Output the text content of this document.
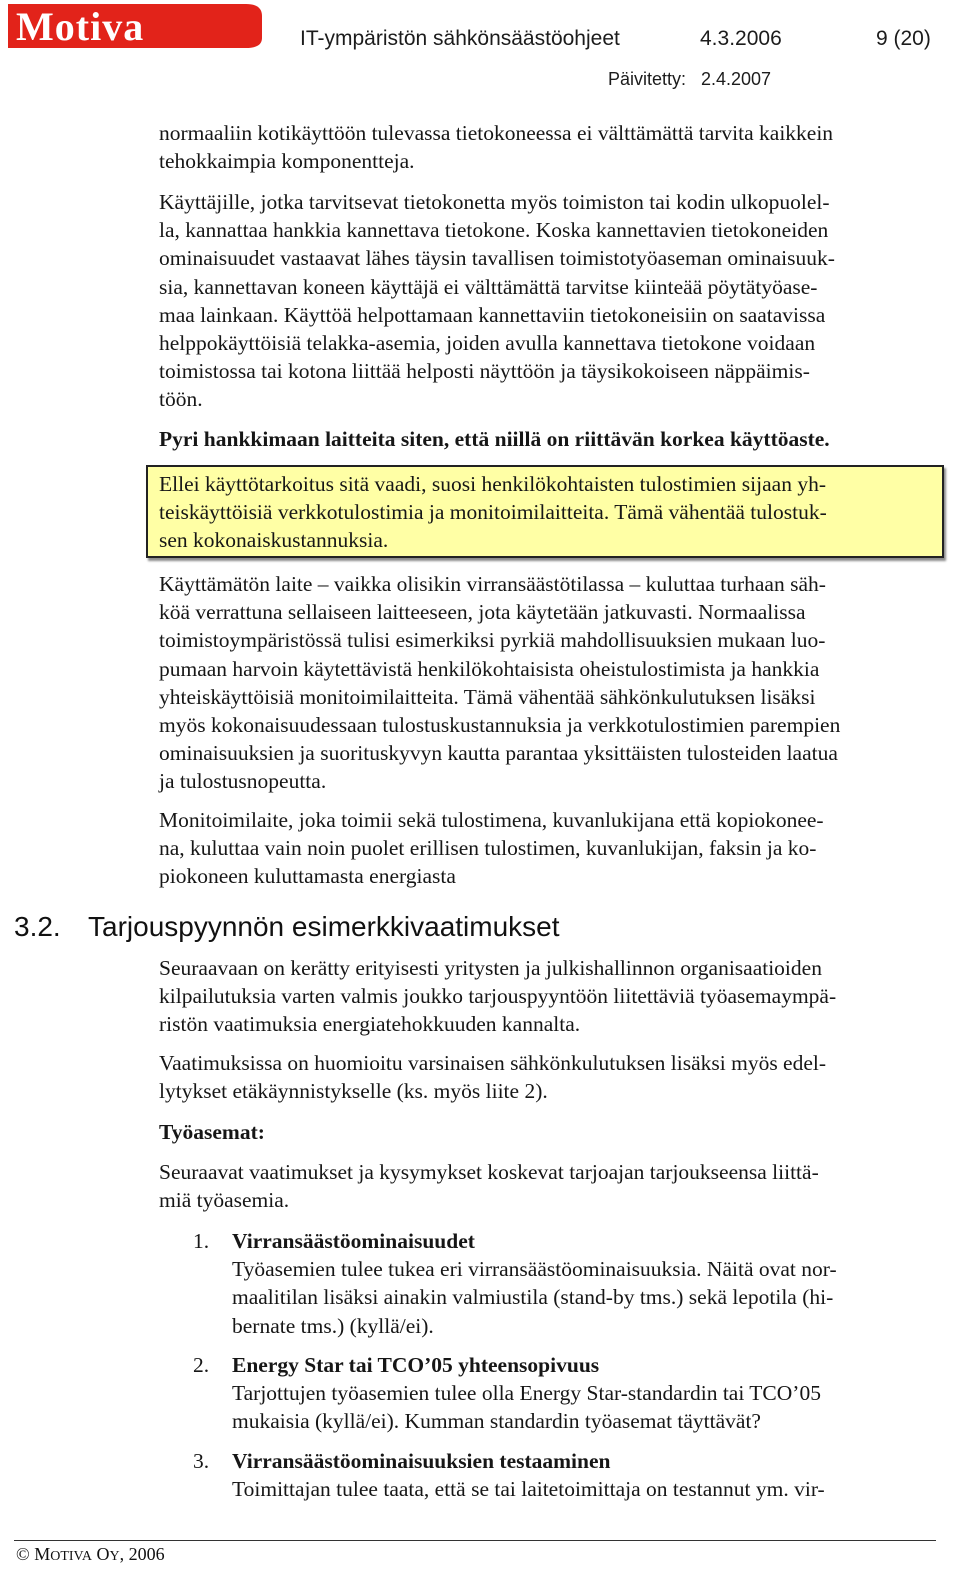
Motiva	IT-ympäristön sähkönsäästöohjeet	4.3.2006	9 (20)
Päivitetty: 2.4.2007
normaaliin kotikäyttöön tulevassa tietokoneessa ei välttämättä tarvita kaikkein
tehokkaimpia komponentteja.
Käyttäjille, jotka tarvitsevat tietokonetta myös toimiston tai kodin ulkopuolel-
la, kannattaa hankkia kannettava tietokone. Koska kannettavien tietokoneiden
ominaisuudet vastaavat lähes täysin tavallisen toimistotyöaseman ominaisuuk-
sia, kannettavan koneen käyttäjä ei välttämättä tarvitse kiinteää pöytätyöase-
maa lainkaan. Käyttöä helpottamaan kannettaviin tietokoneisiin on saatavissa
helppokäyttöisiä telakka-asemia, joiden avulla kannettava tietokone voidaan
toimistossa tai kotona liittää helposti näyttöön ja täysikokoiseen näppäimis-
töön.
Pyri hankkimaan laitteita siten, että niillä on riittävän korkea käyttöaste.
Ellei käyttötarkoitus sitä vaadi, suosi henkilökohtaisten tulostimien sijaan yh-
teiskäyttöisiä verkkotulostimia ja monitoimilaitteita. Tämä vähentää tulostuk-
sen kokonaiskustannuksia.
Käyttämätön laite – vaikka olisikin virransäästötilassa – kuluttaa turhaan säh-
köä verrattuna sellaiseen laitteeseen, jota käytetään jatkuvasti. Normaalissa
toimistoympäristössä tulisi esimerkiksi pyrkiä mahdollisuuksien mukaan luo-
pumaan harvoin käytettävistä henkilökohtaisista oheistulostimista ja hankkia
yhteiskäyttöisiä monitoimilaitteita. Tämä vähentää sähkönkulutuksen lisäksi
myös kokonaisuudessaan tulostuskustannuksia ja verkkotulostimien parempien
ominaisuuksien ja suorituskyvyn kautta parantaa yksittäisten tulosteiden laatua
ja tulostusnopeutta.
Monitoimilaite, joka toimii sekä tulostimena, kuvanlukijana että kopiokonee-
na, kuluttaa vain noin puolet erillisen tulostimen, kuvanlukijan, faksin ja ko-
piokoneen kuluttamasta energiasta
3.2. Tarjouspyynnön esimerkkivaatimukset
Seuraavaan on kerätty erityisesti yritysten ja julkishallinnon organisaatioiden
kilpailutuksia varten valmis joukko tarjouspyyntöön liitettäviä työasemaympä-
ristön vaatimuksia energiatehokkuuden kannalta.
Vaatimuksissa on huomioitu varsinaisen sähkönkulutuksen lisäksi myös edel-
lytykset etäkäynnistykselle (ks. myös liite 2).
Työasemat:
Seuraavat vaatimukset ja kysymykset koskevat tarjoajan tarjoukseensa liittä-
miä työasemia.
1.	Virransäästöominaisuudet
Työasemien tulee tukea eri virransäästöominaisuuksia. Näitä ovat nor-
maalitilan lisäksi ainakin valmiustila (stand-by tms.) sekä lepotila (hi-
bernate tms.) (kyllä/ei).
2.	Energy Star tai TCO’05 yhteensopivuus
Tarjottujen työasemien tulee olla Energy Star-standardin tai TCO’05
mukaisia (kyllä/ei). Kumman standardin työasemat täyttävät?
3.	Virransäästöominaisuuksien testaaminen
Toimittajan tulee taata, että se tai laitetoimittaja on testannut ym. vir-
© MOTIVA OY, 2006
